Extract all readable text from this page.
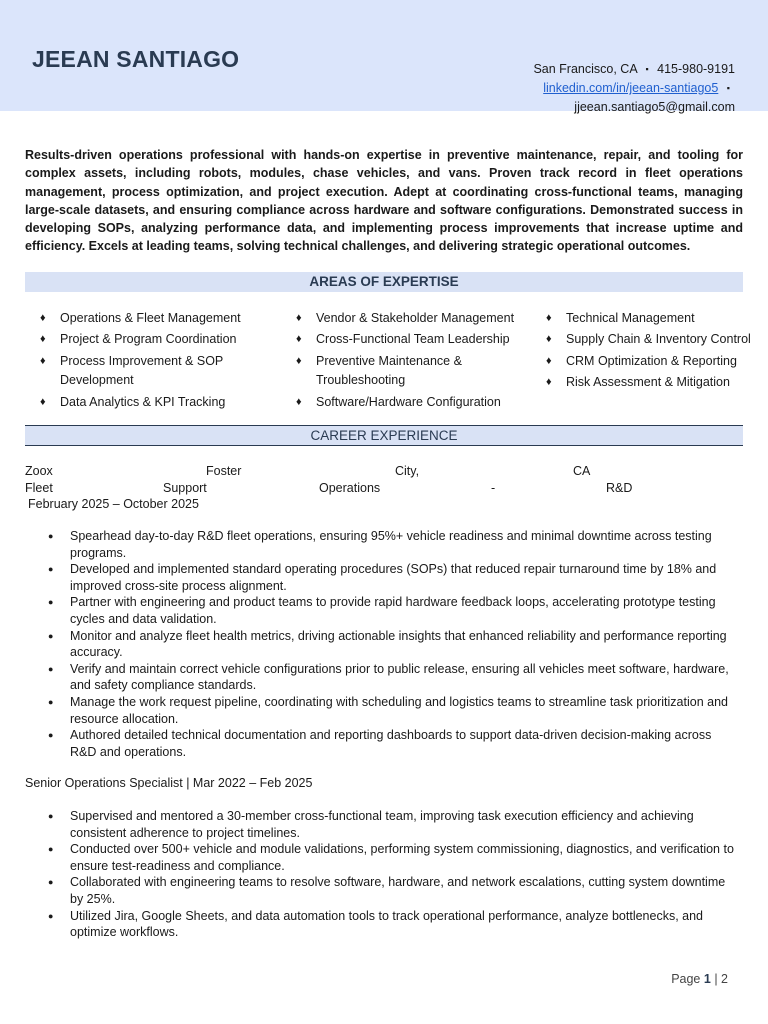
JEEAN SANTIAGO	San Francisco, CA ▪ 415-980-9191
linkedin.com/in/jeean-santiago5 ▪
jjeean.santiago5@gmail.com
Results-driven operations professional with hands-on expertise in preventive maintenance, repair, and tooling for complex assets, including robots, modules, chase vehicles, and vans. Proven track record in fleet operations management, process optimization, and project execution. Adept at coordinating cross-functional teams, managing large-scale datasets, and ensuring compliance across hardware and software configurations. Demonstrated success in developing SOPs, analyzing performance data, and implementing process improvements that increase uptime and efficiency. Excels at leading teams, solving technical challenges, and delivering strategic operational outcomes.
AREAS OF EXPERTISE
♦ Operations & Fleet Management
♦ Project & Program Coordination
♦ Process Improvement & SOP Development
♦ Data Analytics & KPI Tracking
♦ Vendor & Stakeholder Management
♦ Cross-Functional Team Leadership
♦ Preventive Maintenance & Troubleshooting
♦ Software/Hardware Configuration
♦ Technical Management
♦ Supply Chain & Inventory Control
♦ CRM Optimization & Reporting
♦ Risk Assessment & Mitigation
CAREER EXPERIENCE
Zoox	Foster	City,	CA
Fleet	Support	Operations	-	R&D
February 2025 – October 2025
● Spearhead day-to-day R&D fleet operations, ensuring 95%+ vehicle readiness and minimal downtime across testing programs.
● Developed and implemented standard operating procedures (SOPs) that reduced repair turnaround time by 18% and improved cross-site process alignment.
● Partner with engineering and product teams to provide rapid hardware feedback loops, accelerating prototype testing cycles and data validation.
● Monitor and analyze fleet health metrics, driving actionable insights that enhanced reliability and performance reporting accuracy.
● Verify and maintain correct vehicle configurations prior to public release, ensuring all vehicles meet software, hardware, and safety compliance standards.
● Manage the work request pipeline, coordinating with scheduling and logistics teams to streamline task prioritization and resource allocation.
● Authored detailed technical documentation and reporting dashboards to support data-driven decision-making across R&D and operations.
Senior Operations Specialist | Mar 2022 – Feb 2025
● Supervised and mentored a 30-member cross-functional team, improving task execution efficiency and achieving consistent adherence to project timelines.
● Conducted over 500+ vehicle and module validations, performing system commissioning, diagnostics, and verification to ensure test-readiness and compliance.
● Collaborated with engineering teams to resolve software, hardware, and network escalations, cutting system downtime by 25%.
● Utilized Jira, Google Sheets, and data automation tools to track operational performance, analyze bottlenecks, and optimize workflows.
Page 1 | 2
